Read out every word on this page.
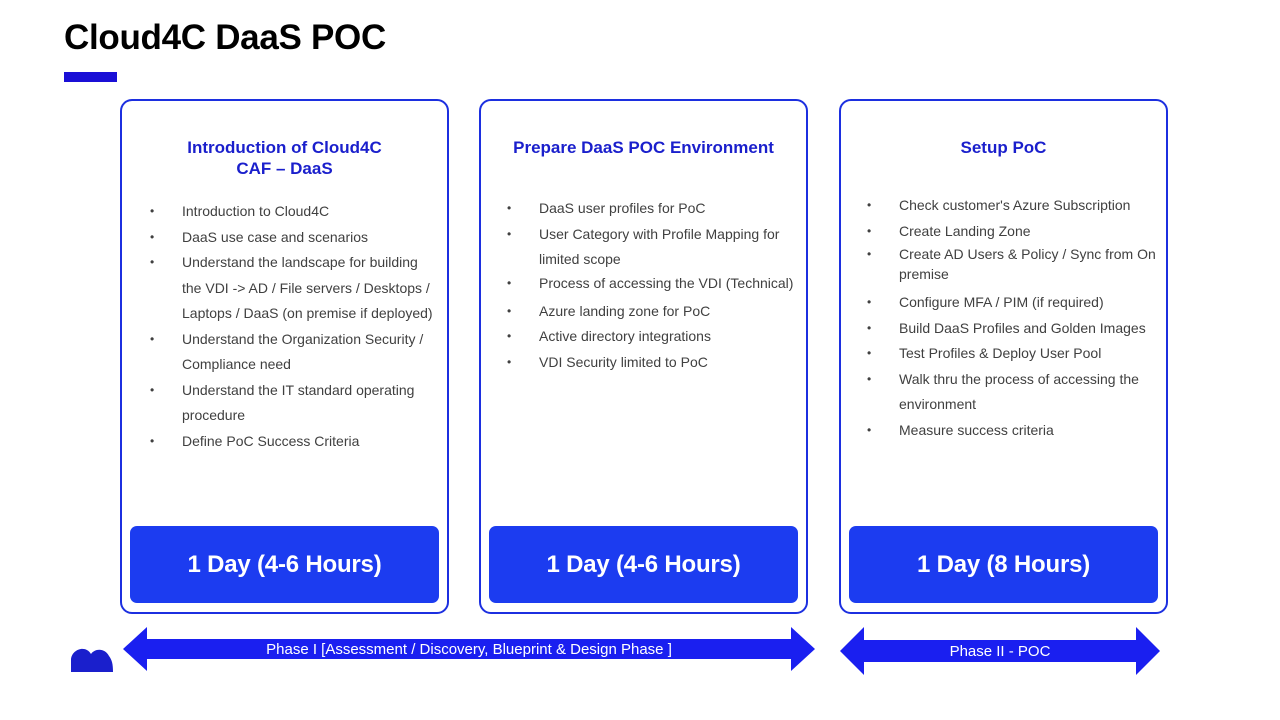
Cloud4C DaaS POC
Introduction of Cloud4C
CAF – DaaS
• Introduction to Cloud4C
• DaaS use case and scenarios
• Understand the landscape for building the VDI -> AD / File servers / Desktops / Laptops / DaaS (on premise if deployed)
• Understand the Organization Security / Compliance need
• Understand the IT standard operating procedure
• Define PoC Success Criteria
1 Day (4-6 Hours)
Prepare DaaS POC Environment
• DaaS user profiles for PoC
• User Category with Profile Mapping for limited scope
• Process of accessing the VDI (Technical)
• Azure landing zone for PoC
• Active directory integrations
• VDI Security limited to PoC
1 Day (4-6 Hours)
Setup PoC
• Check customer's Azure Subscription
• Create Landing Zone
• Create AD Users & Policy / Sync from On premise
• Configure MFA / PIM (if required)
• Build DaaS Profiles and Golden Images
• Test Profiles & Deploy User Pool
• Walk thru the process of accessing the environment
• Measure success criteria
1 Day (8 Hours)
Phase I [Assessment / Discovery, Blueprint & Design Phase ]	Phase II - POC
